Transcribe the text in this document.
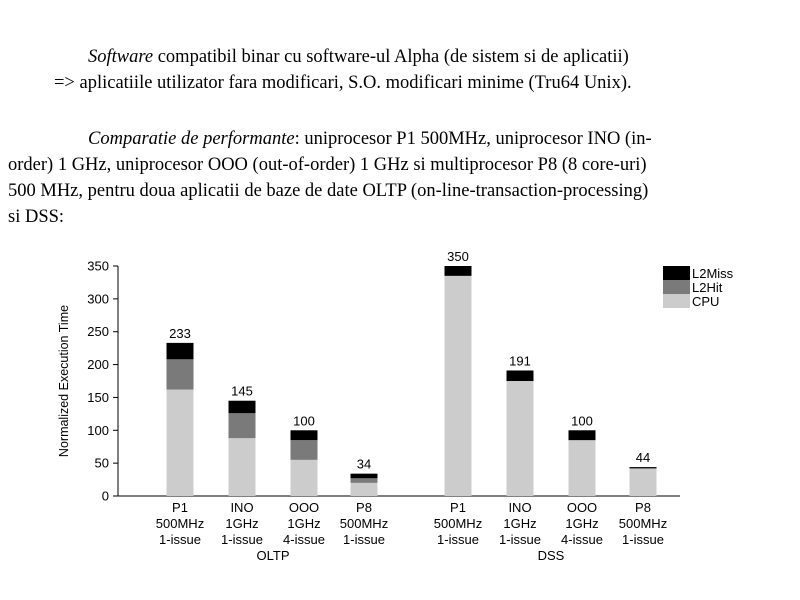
Software compatibil binar cu software-ul Alpha (de sistem si de aplicatii)
=> aplicatiile utilizator fara modificari, S.O. modificari minime (Tru64 Unix).
Comparatie de performante: uniprocesor P1 500MHz, uniprocesor INO (in-
order) 1 GHz, uniprocesor OOO (out-of-order) 1 GHz si multiprocesor P8 (8 core-uri)
500 MHz, pentru doua aplicatii de baze de date OLTP (on-line-transaction-processing)
si DSS:
0
50
100
150
200
250
300
350
Normalized Execution Time	233
P1
500MHz
1-issue
145
INO
1GHz
1-issue
100
OOO
1GHz
4-issue
34
P8
500MHz
1-issue
OLTP
350
P1
500MHz
1-issue
191
INO
1GHz
1-issue
100
OOO
1GHz
4-issue
44
P8
500MHz
1-issue
DSS
L2Miss
L2Hit
CPU
